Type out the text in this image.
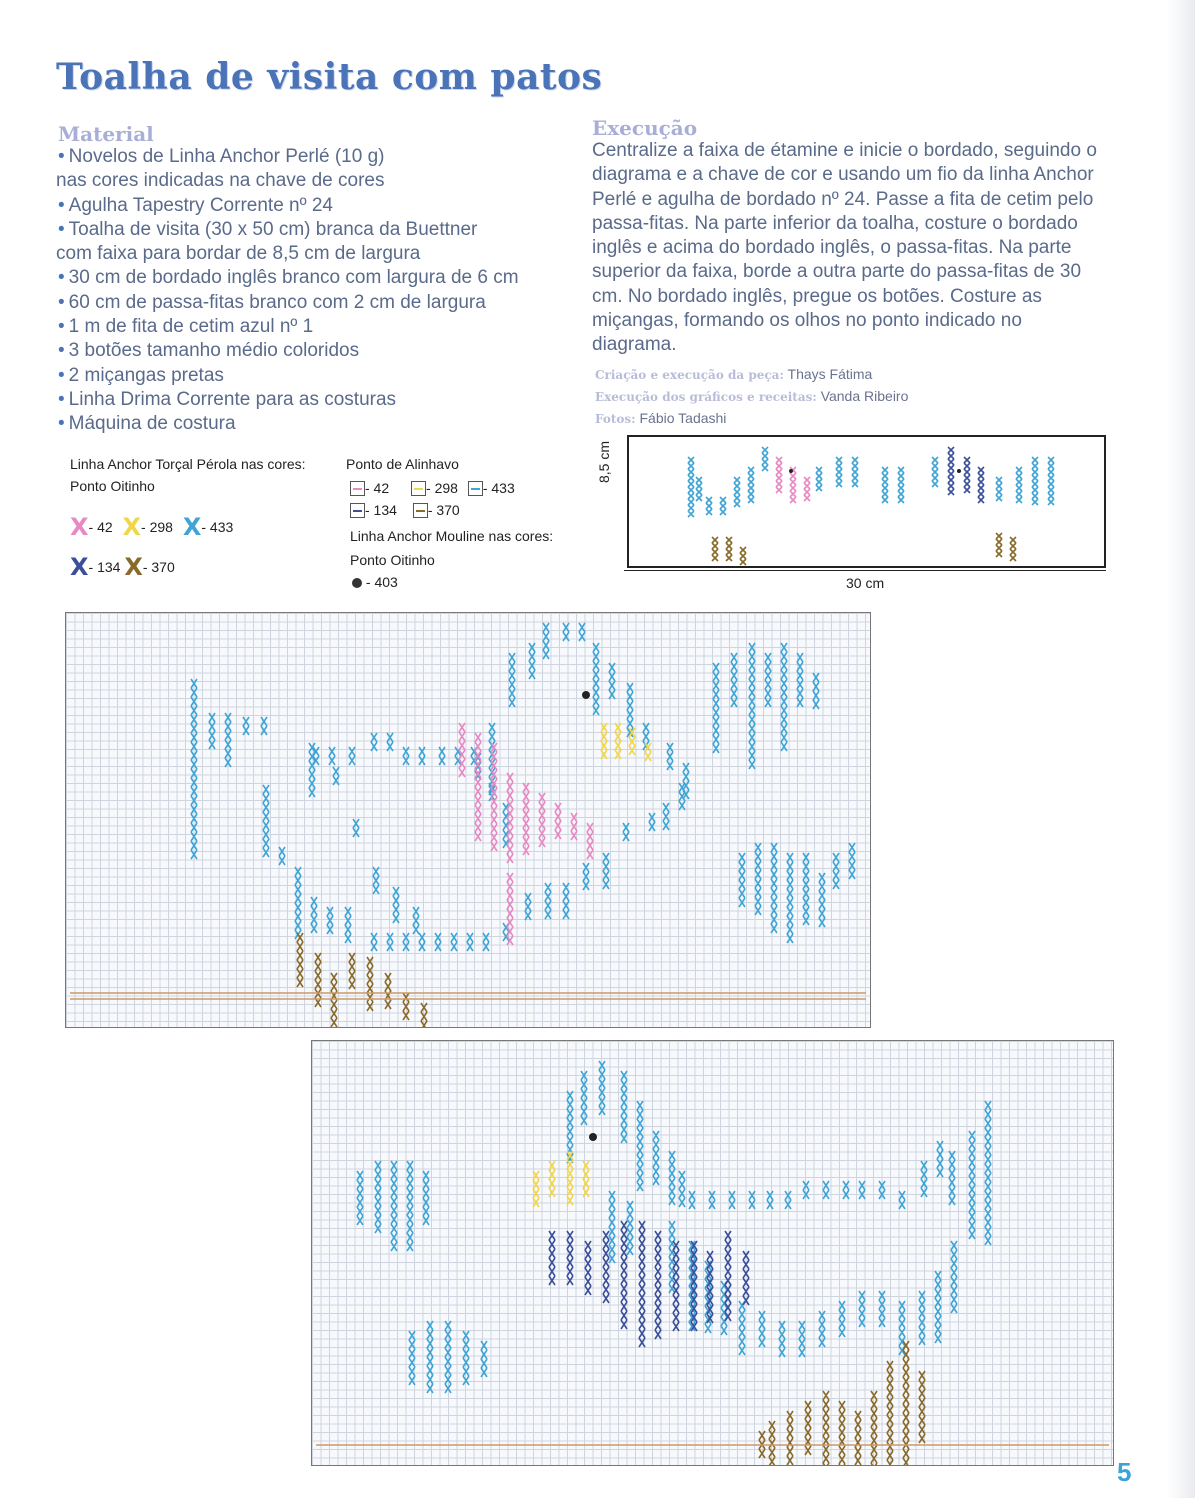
Toalha de visita com patos
Material
• Novelos de Linha Anchor Perlé (10 g)
nas cores indicadas na chave de cores
• Agulha Tapestry Corrente nº 24
• Toalha de visita (30 x 50 cm) branca da Buettner
com faixa para bordar de 8,5 cm de largura
• 30 cm de bordado inglês branco com largura de 6 cm
• 60 cm de passa-fitas branco com 2 cm de largura
• 1 m de fita de cetim azul nº 1
• 3 botões tamanho médio coloridos
• 2 miçangas pretas
• Linha Drima Corrente para as costuras
• Máquina de costura
Execução

Centralize a faixa de étamine e inicie o bordado, seguindo o diagrama e a chave de cor e usando um fio da linha Anchor Perlé e agulha de bordado nº 24. Passe a fita de cetim pelo passa-fitas. Na parte inferior da toalha, costure o bordado inglês e acima do bordado inglês, o passa-fitas. Na parte superior da faixa, borde a outra parte do passa-fitas de 30 cm. No bordado inglês, pregue os botões. Costure as miçangas, formando os olhos no ponto indicado no diagrama.

Criação e execução da peça: Thays Fátima
Execução dos gráficos e receitas: Vanda Ribeiro
Fotos: Fábio Tadashi
Linha Anchor Torçal Pérola nas cores:
Ponto Oitinho
X- 42 X- 298 X- 433
X- 134 X- 370
Ponto de Alinhavo
- 42	- 298 - 433

- 134 - 370
Linha Anchor Mouline nas cores:
Ponto Oitinho
- 403	30 cm
8,5 cm
5
